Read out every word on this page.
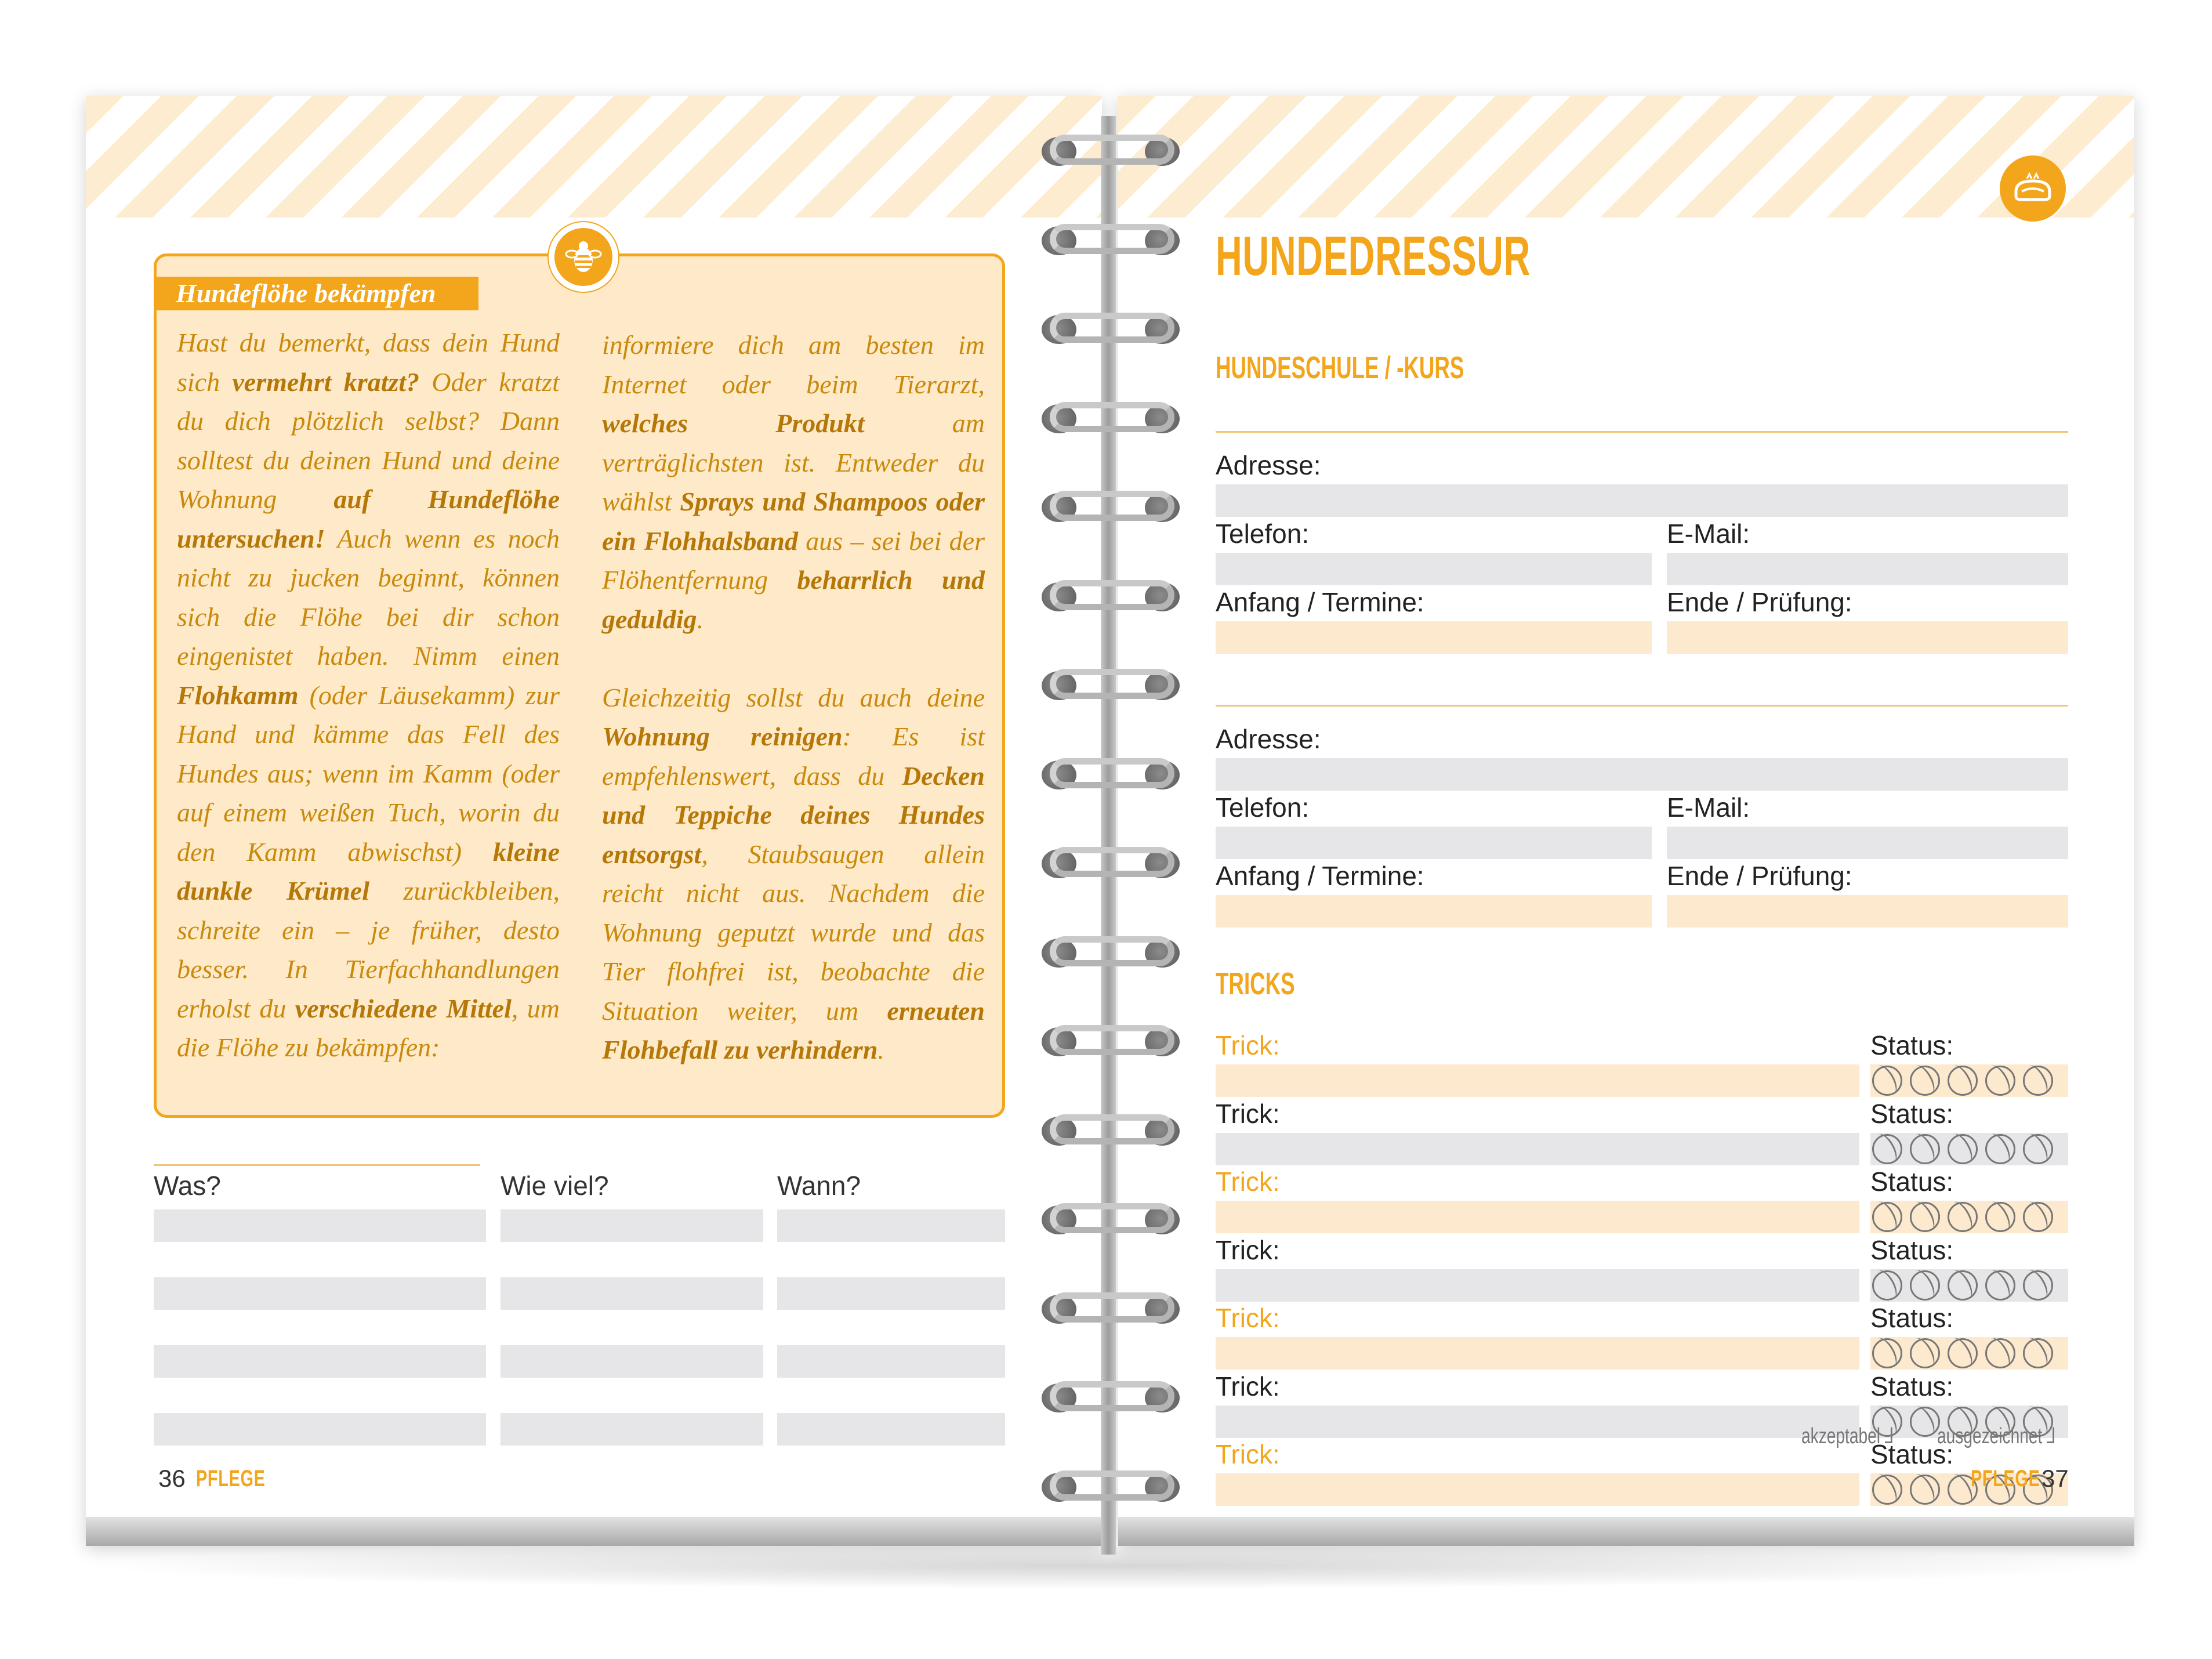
Hundeflöhe bekämpfen

Hast du bemerkt, dass dein Hund sich vermehrt kratzt? Oder kratzt du dich plötzlich selbst? Dann solltest du deinen Hund und deine Wohnung auf Hundeflöhe untersuchen! Auch wenn es noch nicht zu jucken beginnt, können sich die Flöhe bei dir schon eingenistet haben. Nimm einen Flohkamm (oder Läusekamm) zur Hand und kämme das Fell des Hundes aus; wenn im Kamm (oder auf einem weißen Tuch, worin du den Kamm abwischst) kleine dunkle Krümel zurückbleiben, schreite ein – je früher, desto besser. In Tierfachhandlungen erholst du verschiedene Mittel, um die Flöhe zu bekämpfen:

informiere dich am besten im Internet oder beim Tierarzt, welches Produkt am verträglichsten ist. Entweder du wählst Sprays und Shampoos oder ein Flohhalsband aus – sei bei der Flöhentfernung beharrlich und geduldig.

Gleichzeitig sollst du auch deine Wohnung reinigen: Es ist empfehlenswert, dass du Decken und Teppiche deines Hundes entsorgst, Staubsaugen allein reicht nicht aus. Nachdem die Wohnung geputzt wurde und das Tier flohfrei ist, beobachte die Situation weiter, um erneuten Flohbefall zu verhindern.

Was?	Wie viel?	Wann?
36 PFLEGE
HUNDEDRESSUR
HUNDESCHULE / -KURS
Adresse:
Telefon:	E-Mail:
Anfang / Termine:	Ende / Prüfung:
Adresse:
Telefon:	E-Mail:
Anfang / Termine:	Ende / Prüfung:
TRICKS
Trick:	Status:
Trick:	Status:
Trick:	Status:
Trick:	Status:
Trick:	Status:
Trick:	Status:
Trick:	Status:
akzeptabel ⅃ ausgezeichnet ⅃
PFLEGE 37
